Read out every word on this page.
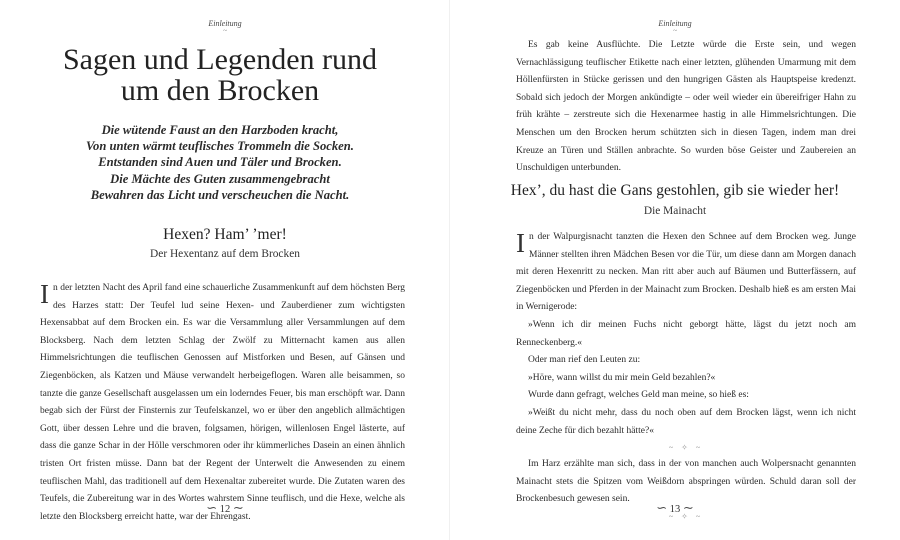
Einleitung
~
Sagen und Legenden rund
um den Brocken
Die wütende Faust an den Harzboden kracht,
Von unten wärmt teuflisches Trommeln die Socken.
Entstanden sind Auen und Täler und Brocken.
Die Mächte des Guten zusammengebracht
Bewahren das Licht und verscheuchen die Nacht.
Hexen? Ham’ ’mer!
Der Hexentanz auf dem Brocken

I n der letzten Nacht des April fand eine schauerliche Zusammenkunft auf dem höchsten Berg des Harzes statt: Der Teufel lud seine Hexen- und Zauberdiener zum wichtigsten Hexensabbat auf dem Brocken ein. Es war die Versammlung aller Versammlungen auf dem Blocksberg. Nach dem letzten Schlag der Zwölf zu Mitternacht kamen aus allen Himmelsrichtungen die teuflischen Genossen auf Mistforken und Besen, auf Gänsen und Ziegenböcken, als Katzen und Mäuse verwandelt herbeigeflogen. Waren alle beisammen, so tanzte die ganze Gesellschaft ausgelassen um ein loderndes Feuer, bis man erschöpft war. Dann begab sich der Fürst der Finsternis zur Teufelskanzel, wo er über den angeblich allmächtigen Gott, über dessen Lehre und die braven, folgsamen, hörigen, willenlosen Engel lästerte, auf dass die ganze Schar in der Hölle verschmoren oder ihr kümmerliches Dasein an einen ähnlich tristen Ort fristen müsse. Dann bat der Regent der Unterwelt die Anwesenden zu einem teuflischen Mahl, das traditionell auf dem Hexenaltar zubereitet wurde. Die Zutaten waren des Teufels, die Zubereitung war in des Wortes wahrstem Sinne teuflisch, und die Hexe, welche als letzte den Blocksberg erreicht hatte, war der Ehrengast.

∽ 12 ∼
Einleitung
~

Es gab keine Ausflüchte. Die Letzte würde die Erste sein, und wegen Vernachlässigung teuflischer Etikette nach einer letzten, glühenden Umarmung mit dem Höllenfürsten in Stücke gerissen und den hungrigen Gästen als Hauptspeise kredenzt. Sobald sich jedoch der Morgen ankündigte – oder weil wieder ein übereifriger Hahn zu früh krähte – zerstreute sich die Hexenarmee hastig in alle Himmelsrichtungen. Die Menschen um den Brocken herum schützten sich in diesen Tagen, indem man drei Kreuze an Türen und Ställen anbrachte. So wurden böse Geister und Zaubereien an Unschuldigen unterbunden.

Hex’, du hast die Gans gestohlen, gib sie wieder her!
Die Mainacht

I n der Walpurgisnacht tanzten die Hexen den Schnee auf dem Brocken weg. Junge Männer stellten ihren Mädchen Besen vor die Tür, um diese dann am Morgen danach mit deren Hexenritt zu necken. Man ritt aber auch auf Bäumen und Butterfässern, auf Ziegenböcken und Pferden in der Mainacht zum Brocken. Deshalb hieß es am ersten Mai in Wernigerode:

»Wenn ich dir meinen Fuchs nicht geborgt hätte, lägst du jetzt noch am Renneckenberg.«

Oder man rief den Leuten zu:

»Höre, wann willst du mir mein Geld bezahlen?«

Wurde dann gefragt, welches Geld man meine, so hieß es:

»Weißt du nicht mehr, dass du noch oben auf dem Brocken lägst, wenn ich nicht deine Zeche für dich bezahlt hätte?«

~ ✧ ~

Im Harz erzählte man sich, dass in der von manchen auch Wolpersnacht genannten Mainacht stets die Spitzen vom Weißdorn abspringen würden. Schuld daran soll der Brockenbesuch gewesen sein.

~ ✧ ~
∽ 13 ∼
